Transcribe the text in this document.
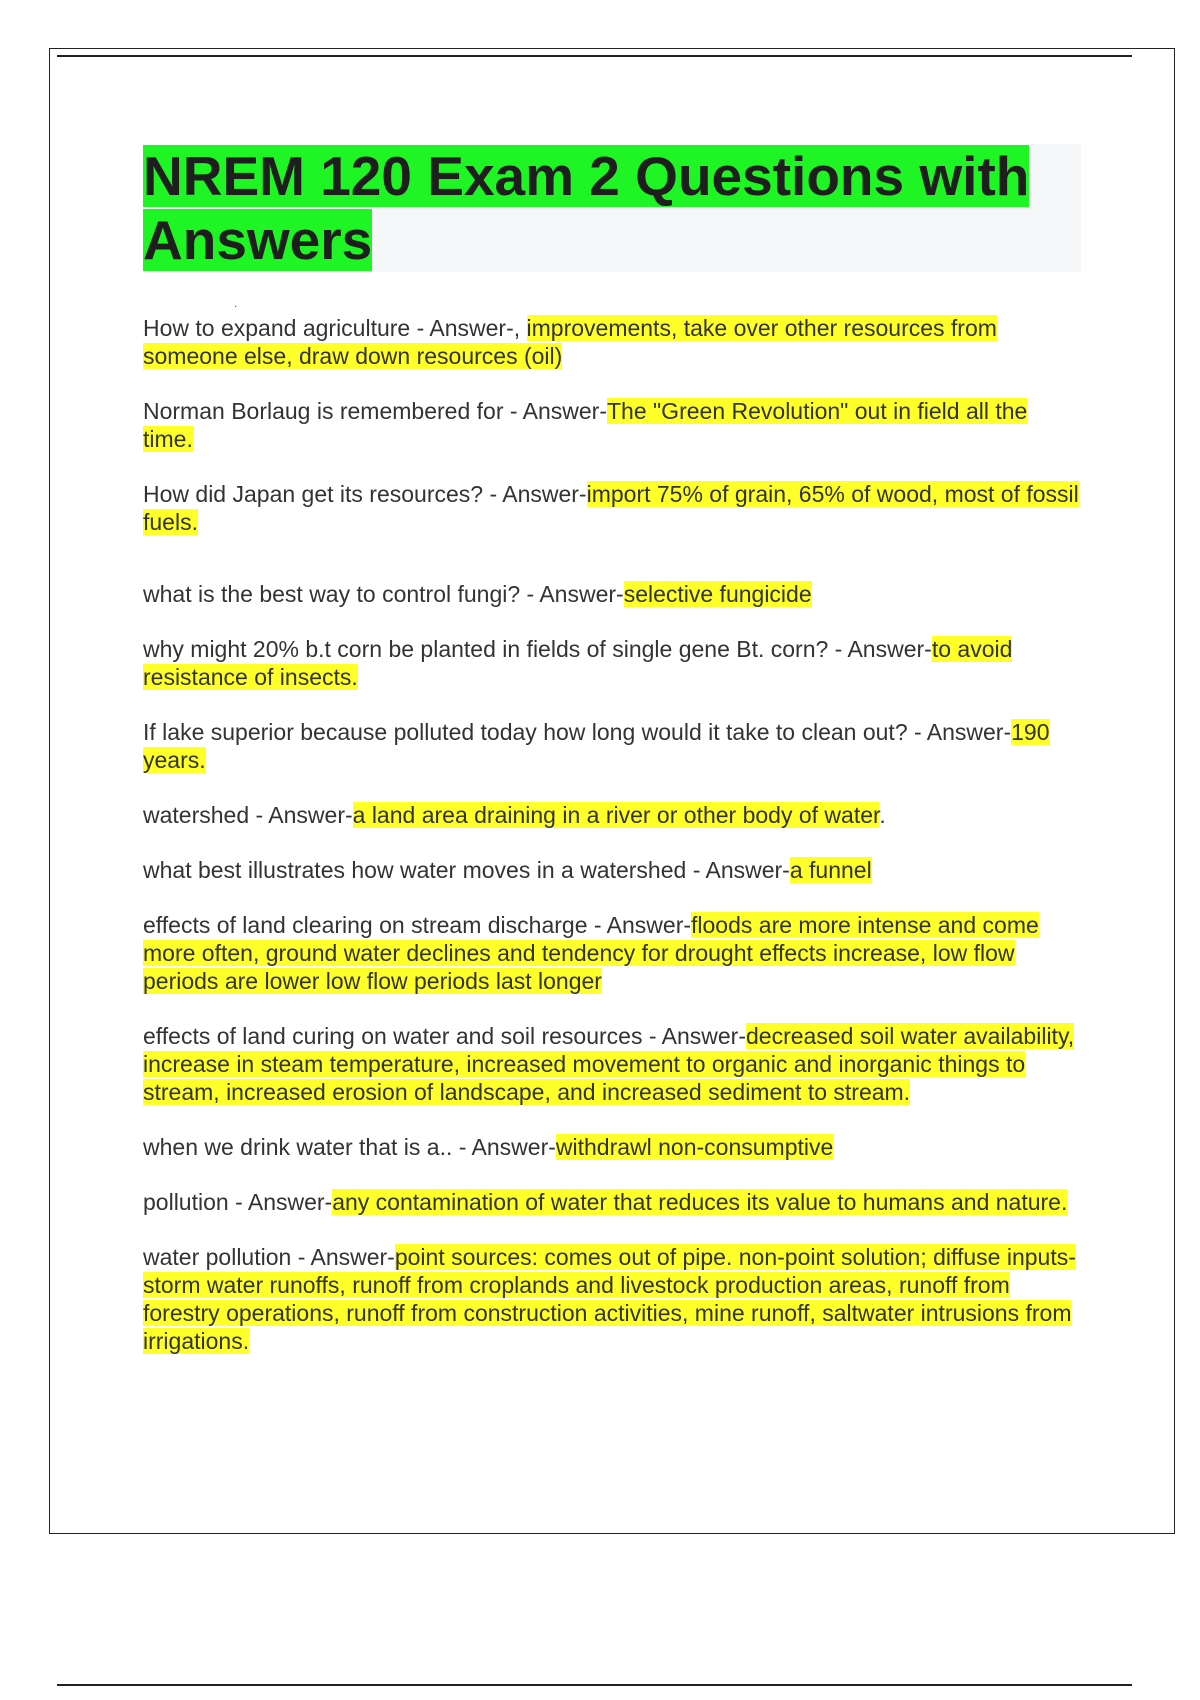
NREM 120 Exam 2 Questions with Answers
.

How to expand agriculture - Answer-, improvements, take over other resources from someone else, draw down resources (oil)

Norman Borlaug is remembered for - Answer-The "Green Revolution" out in field all the time.

How did Japan get its resources? - Answer-import 75% of grain, 65% of wood, most of fossil fuels.

what is the best way to control fungi? - Answer-selective fungicide

why might 20% b.t corn be planted in fields of single gene Bt. corn? - Answer-to avoid resistance of insects.

If lake superior because polluted today how long would it take to clean out? - Answer-190 years.

watershed - Answer-a land area draining in a river or other body of water.

what best illustrates how water moves in a watershed - Answer-a funnel

effects of land clearing on stream discharge - Answer-floods are more intense and come more often, ground water declines and tendency for drought effects increase, low flow periods are lower low flow periods last longer

effects of land curing on water and soil resources - Answer-decreased soil water availability, increase in steam temperature, increased movement to organic and inorganic things to stream, increased erosion of landscape, and increased sediment to stream.

when we drink water that is a.. - Answer-withdrawl non-consumptive

pollution - Answer-any contamination of water that reduces its value to humans and nature.

water pollution - Answer-point sources: comes out of pipe. non-point solution; diffuse inputs-storm water runoffs, runoff from croplands and livestock production areas, runoff from forestry operations, runoff from construction activities, mine runoff, saltwater intrusions from irrigations.
